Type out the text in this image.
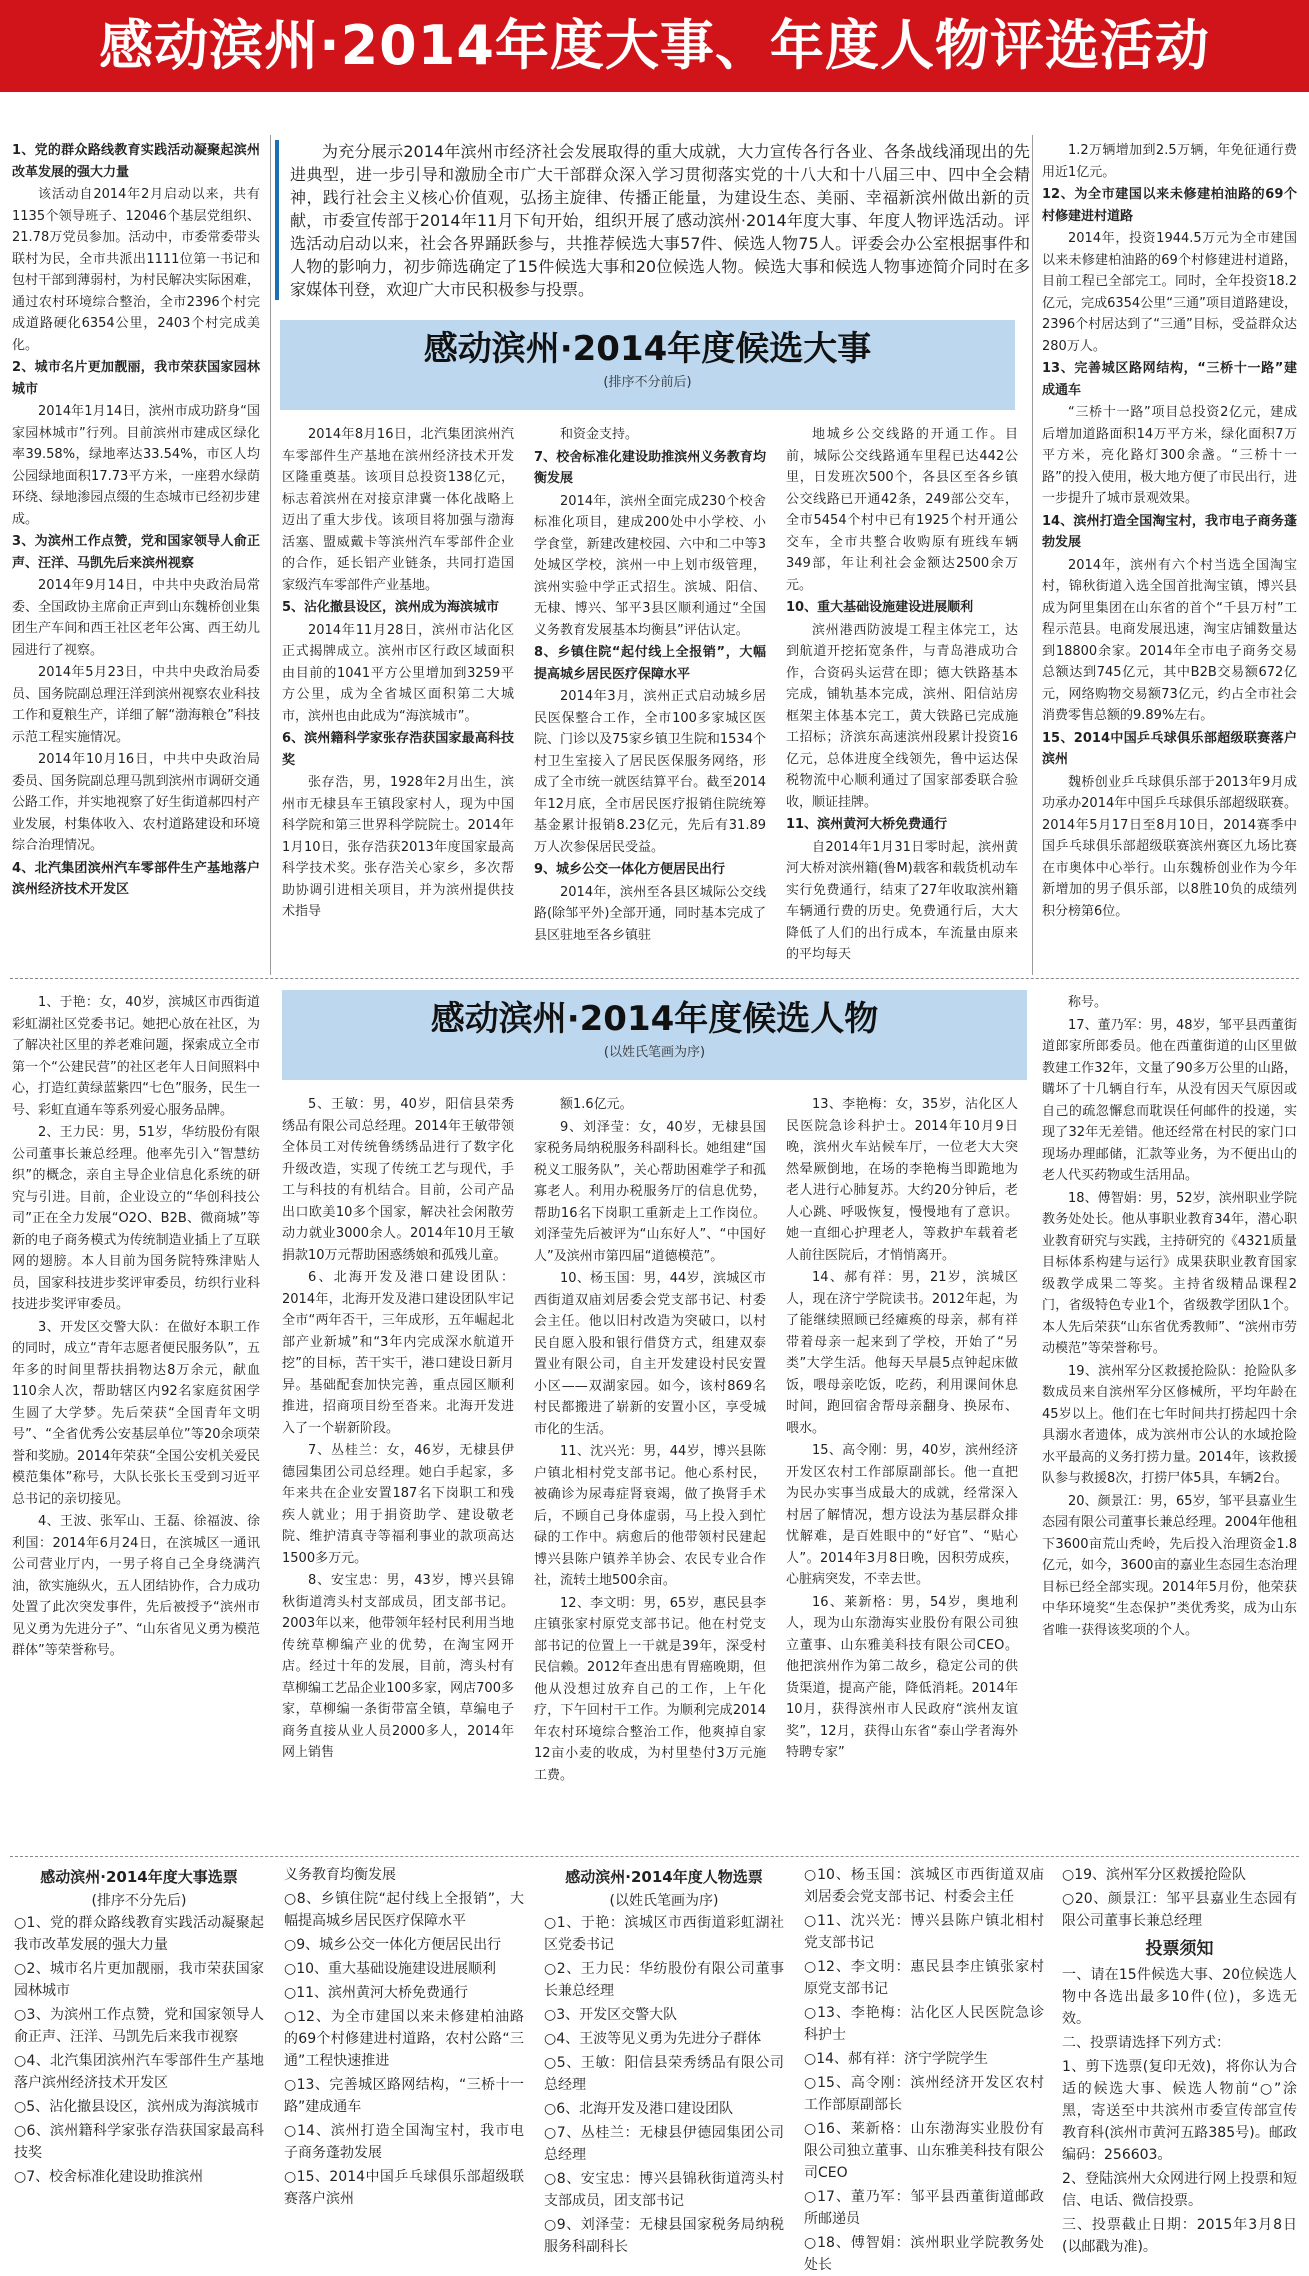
感动滨州·2014年度大事、年度人物评选活动

1、党的群众路线教育实践活动凝聚起滨州改革发展的强大力量

该活动自2014年2月启动以来，共有1135个领导班子、12046个基层党组织、21.78万党员参加。活动中，市委常委带头联村为民，全市共派出1111位第一书记和包村干部到薄弱村，为村民解决实际困难，通过农村环境综合整治，全市2396个村完成道路硬化6354公里，2403个村完成美化。

2、城市名片更加靓丽，我市荣获国家园林城市

2014年1月14日，滨州市成功跻身“国家园林城市”行列。目前滨州市建成区绿化率39.58%，绿地率达33.54%，市区人均公园绿地面积17.73平方米，一座碧水绿荫环绕、绿地渗园点缀的生态城市已经初步建成。

3、为滨州工作点赞，党和国家领导人俞正声、汪洋、马凯先后来滨州视察

2014年9月14日，中共中央政治局常委、全国政协主席俞正声到山东魏桥创业集团生产车间和西王社区老年公寓、西王幼儿园进行了视察。

2014年5月23日，中共中央政治局委员、国务院副总理汪洋到滨州视察农业科技工作和夏粮生产，详细了解“渤海粮仓”科技示范工程实施情况。

2014年10月16日，中共中央政治局委员、国务院副总理马凯到滨州市调研交通公路工作，并实地视察了好生街道郝四村产业发展，村集体收入、农村道路建设和环境综合治理情况。

4、北汽集团滨州汽车零部件生产基地落户滨州经济技术开发区

为充分展示2014年滨州市经济社会发展取得的重大成就，大力宣传各行各业、各条战线涌现出的先进典型，进一步引导和激励全市广大干部群众深入学习贯彻落实党的十八大和十八届三中、四中全会精神，践行社会主义核心价值观，弘扬主旋律、传播正能量，为建设生态、美丽、幸福新滨州做出新的贡献，市委宣传部于2014年11月下旬开始，组织开展了感动滨州·2014年度大事、年度人物评选活动。评选活动启动以来，社会各界踊跃参与，共推荐候选大事57件、候选人物75人。评委会办公室根据事件和人物的影响力，初步筛选确定了15件候选大事和20位候选人物。候选大事和候选人物事迹简介同时在多家媒体刊登，欢迎广大市民积极参与投票。

感动滨州·2014年度候选大事
(排序不分前后)

2014年8月16日，北汽集团滨州汽车零部件生产基地在滨州经济技术开发区隆重奠基。该项目总投资138亿元，标志着滨州在对接京津冀一体化战略上迈出了重大步伐。该项目将加强与渤海活塞、盟威戴卡等滨州汽车零部件企业的合作，延长铝产业链条，共同打造国家级汽车零部件产业基地。

5、沾化撤县设区，滨州成为海滨城市

2014年11月28日，滨州市沾化区正式揭牌成立。滨州市区行政区域面积由目前的1041平方公里增加到3259平方公里，成为全省城区面积第二大城市，滨州也由此成为“海滨城市”。

6、滨州籍科学家张存浩获国家最高科技奖

张存浩，男，1928年2月出生，滨州市无棣县车王镇段家村人，现为中国科学院和第三世界科学院院士。2014年1月10日，张存浩获2013年度国家最高科学技术奖。张存浩关心家乡，多次帮助协调引进相关项目，并为滨州提供技术指导

和资金支持。

7、校舍标准化建设助推滨州义务教育均衡发展

2014年，滨州全面完成230个校舍标准化项目，建成200处中小学校、小学食堂，新建改建校园、六中和二中等3处城区学校，滨州一中上划市级管理，滨州实验中学正式招生。滨城、阳信、无棣、博兴、邹平3县区顺利通过“全国义务教育发展基本均衡县”评估认定。

8、乡镇住院“起付线上全报销”，大幅提高城乡居民医疗保障水平

2014年3月，滨州正式启动城乡居民医保整合工作，全市100多家城区医院、门诊以及75家乡镇卫生院和1534个村卫生室接入了居民医保服务网络，形成了全市统一就医结算平台。截至2014年12月底，全市居民医疗报销住院统筹基金累计报销8.23亿元，先后有31.89万人次参保居民受益。

9、城乡公交一体化方便居民出行

2014年，滨州至各县区城际公交线路(除邹平外)全部开通，同时基本完成了县区驻地至各乡镇驻

地城乡公交线路的开通工作。目前，城际公交线路通车里程已达442公里，日发班次500个，各县区至各乡镇公交线路已开通42条，249部公交车，全市5454个村中已有1925个村开通公交车，全市共整合收购原有班线车辆349部，年让利社会金额达2500余万元。

10、重大基础设施建设进展顺利

滨州港西防波堤工程主体完工，达到航道开挖拓宽条件，与青岛港成功合作，合资码头运营在即；德大铁路基本完成，铺轨基本完成，滨州、阳信站房框架主体基本完工，黄大铁路已完成施工招标；济滨东高速滨州段累计投资16亿元，总体进度全线领先，鲁中运达保税物流中心顺利通过了国家部委联合验收，顺证挂牌。

11、滨州黄河大桥免费通行

自2014年1月31日零时起，滨州黄河大桥对滨州籍(鲁M)载客和载货机动车实行免费通行，结束了27年收取滨州籍车辆通行费的历史。免费通行后，大大降低了人们的出行成本，车流量由原来的平均每天

1.2万辆增加到2.5万辆，年免征通行费用近1亿元。

12、为全市建国以来未修建柏油路的69个村修建进村道路

2014年，投资1944.5万元为全市建国以来未修建柏油路的69个村修建进村道路，目前工程已全部完工。同时，全年投资18.2亿元，完成6354公里“三通”项目道路建设，2396个村居达到了“三通”目标，受益群众达280万人。

13、完善城区路网结构，“三桥十一路”建成通车

“三桥十一路”项目总投资2亿元，建成后增加道路面积14万平方米，绿化面积7万平方米，亮化路灯300余盏。“三桥十一路”的投入使用，极大地方便了市民出行，进一步提升了城市景观效果。

14、滨州打造全国淘宝村，我市电子商务蓬勃发展

2014年，滨州有六个村当选全国淘宝村，锦秋街道入选全国首批淘宝镇，博兴县成为阿里集团在山东省的首个“千县万村”工程示范县。电商发展迅速，淘宝店铺数量达到18800余家。2014年全市电子商务交易总额达到745亿元，其中B2B交易额672亿元，网络购物交易额73亿元，约占全市社会消费零售总额的9.89%左右。

15、2014中国乒乓球俱乐部超级联赛落户滨州

魏桥创业乒乓球俱乐部于2013年9月成功承办2014年中国乒乓球俱乐部超级联赛。2014年5月17日至8月10日，2014赛季中国乒乓球俱乐部超级联赛滨州赛区九场比赛在市奥体中心举行。山东魏桥创业作为今年新增加的男子俱乐部，以8胜10负的成绩列积分榜第6位。

感动滨州·2014年度候选人物
(以姓氏笔画为序)

1、于艳：女，40岁，滨城区市西街道彩虹湖社区党委书记。她把心放在社区，为了解决社区里的养老难问题，探索成立全市第一个“公建民营”的社区老年人日间照料中心，打造红黄绿蓝紫四“七色”服务，民生一号、彩虹直通车等系列爱心服务品牌。

2、王力民：男，51岁，华纺股份有限公司董事长兼总经理。他率先引入“智慧纺织”的概念，亲自主导企业信息化系统的研究与引进。目前，企业设立的“华创科技公司”正在全力发展“O2O、B2B、微商城”等新的电子商务模式为传统制造业插上了互联网的翅膀。本人目前为国务院特殊津贴人员，国家科技进步奖评审委员，纺织行业科技进步奖评审委员。

3、开发区交警大队：在做好本职工作的同时，成立“青年志愿者便民服务队”，五年多的时间里帮扶捐物达8万余元，献血110余人次，帮助辖区内92名家庭贫困学生圆了大学梦。先后荣获“全国青年文明号”、“全省优秀公安基层单位”等20余项荣誉和奖励。2014年荣获“全国公安机关爱民模范集体”称号，大队长张长玉受到习近平总书记的亲切接见。

4、王波、张军山、王磊、徐福波、徐利国：2014年6月24日，在滨城区一通讯公司营业厅内，一男子将自己全身绕满汽油，欲实施纵火，五人团结协作，合力成功处置了此次突发事件，先后被授予“滨州市见义勇为先进分子”、“山东省见义勇为模范群体”等荣誉称号。

5、王敏：男，40岁，阳信县荣秀绣品有限公司总经理。2014年王敏带领全体员工对传统鲁绣绣品进行了数字化升级改造，实现了传统工艺与现代，手工与科技的有机结合。目前，公司产品出口欧美10多个国家，解决社会闲散劳动力就业3000余人。2014年10月王敏捐款10万元帮助困惑绣娘和孤残儿童。

6、北海开发及港口建设团队：2014年，北海开发及港口建设团队牢记全市“两年否干，三年成形，五年崛起北部产业新城”和“3年内完成深水航道开挖”的目标，苦干实干，港口建设日新月异。基础配套加快完善，重点园区顺利推进，招商项目纷至沓来。北海开发进入了一个崭新阶段。

7、丛桂兰：女，46岁，无棣县伊德园集团公司总经理。她白手起家，多年来共在企业安置187名下岗职工和残疾人就业；用于捐资助学、建设敬老院、维护清真寺等福利事业的款项高达1500多万元。

8、安宝忠：男，43岁，博兴县锦秋街道湾头村支部成员，团支部书记。2003年以来，他带领年轻村民利用当地传统草柳编产业的优势，在淘宝网开店。经过十年的发展，目前，湾头村有草柳编工艺品企业100多家，网店700多家，草柳编一条街带富全镇，草编电子商务直接从业人员2000多人，2014年网上销售

额1.6亿元。

9、刘泽莹：女，40岁，无棣县国家税务局纳税服务科副科长。她组建“国税义工服务队”，关心帮助困难学子和孤寡老人。利用办税服务厅的信息优势，帮助16名下岗职工重新走上工作岗位。刘泽莹先后被评为“山东好人”、“中国好人”及滨州市第四届“道德模范”。

10、杨玉国：男，44岁，滨城区市西街道双庙刘居委会党支部书记、村委会主任。他以旧村改造为突破口，以村民自愿入股和银行借贷方式，组建双泰置业有限公司，自主开发建设村民安置小区——双湖家园。如今，该村869名村民都搬进了崭新的安置小区，享受城市化的生活。

11、沈兴光：男，44岁，博兴县陈户镇北相村党支部书记。他心系村民，被确诊为尿毒症肾衰竭，做了换肾手术后，不顾自己身体虚弱，马上投入到忙碌的工作中。病愈后的他带领村民建起博兴县陈户镇养羊协会、农民专业合作社，流转土地500余亩。

12、李文明：男，65岁，惠民县李庄镇张家村原党支部书记。他在村党支部书记的位置上一干就是39年，深受村民信赖。2012年查出患有胃癌晚期，但他从没想过放弃自己的工作，上午化疗，下午回村干工作。为顺利完成2014年农村环境综合整治工作，他爽掉自家12亩小麦的收成，为村里垫付3万元施工费。

13、李艳梅：女，35岁，沾化区人民医院急诊科护士。2014年10月9日晚，滨州火车站候车厅，一位老大大突然晕厥倒地，在场的李艳梅当即跪地为老人进行心肺复苏。大约20分钟后，老人心跳、呼吸恢复，慢慢地有了意识。她一直细心护理老人，等救护车载着老人前往医院后，才悄悄离开。

14、郝有祥：男，21岁，滨城区人，现在济宁学院读书。2012年起，为了能继续照顾已经瘫痪的母亲，郝有祥带着母亲一起来到了学校，开始了“另类”大学生活。他每天早晨5点钟起床做饭，喂母亲吃饭，吃药，利用课间休息时间，跑回宿舍帮母亲翻身、换尿布、喂水。

15、高令刚：男，40岁，滨州经济开发区农村工作部原副部长。他一直把为民办实事当成最大的成就，经常深入村居了解情况，想方设法为基层群众排忧解难，是百姓眼中的“好官”、“贴心人”。2014年3月8日晚，因积劳成疾，心脏病突发，不幸去世。

16、莱新格：男，54岁，奥地利人，现为山东渤海实业股份有限公司独立董事、山东雅美科技有限公司CEO。他把滨州作为第二故乡，稳定公司的供货渠道，提高产能，降低消耗。2014年10月，获得滨州市人民政府“滨州友谊奖”，12月，获得山东省“泰山学者海外特聘专家”

称号。

17、董乃军：男，48岁，邹平县西董街道郎家所郎委员。他在西董街道的山区里做教建工作32年，文量了90多万公里的山路，購坏了十几辆自行车，从没有因天气原因或自己的疏忽懈怠而耽误任何邮件的投递，实现了32年无差错。他还经常在村民的家门口现场办理邮储，汇款等业务，为不便出山的老人代买药物或生活用品。

18、傅智娟：男，52岁，滨州职业学院教务处处长。他从事职业教育34年，潜心职业教育研究与实践，主持研究的《4321质量目标体系构建与运行》成果获职业教育国家级教学成果二等奖。主持省级精品课程2门，省级特色专业1个，省级教学团队1个。本人先后荣获“山东省优秀教师”、“滨州市劳动模范”等荣誉称号。

19、滨州军分区救援抢险队：抢险队多数成员来自滨州军分区修械所，平均年龄在45岁以上。他们在七年时间共打捞起四十余具溺水者遗体，成为滨州市公认的水域抢险水平最高的义务打捞力量。2014年，该救援队参与救援8次，打捞尸体5具，车辆2台。

20、颜景江：男，65岁，邹平县嘉业生态园有限公司董事长兼总经理。2004年他租下3600亩荒山秃岭，先后投入治理资金1.8亿元，如今，3600亩的嘉业生态园生态治理目标已经全部实现。2014年5月份，他荣获中华环境奖“生态保护”类优秀奖，成为山东省唯一获得该奖项的个人。

感动滨州·2014年度大事选票
(排序不分先后)

○1、党的群众路线教育实践活动凝聚起我市改革发展的强大力量

○2、城市名片更加靓丽，我市荣获国家园林城市

○3、为滨州工作点赞，党和国家领导人俞正声、汪洋、马凯先后来我市视察

○4、北汽集团滨州汽车零部件生产基地落户滨州经济技术开发区

○5、沾化撤县设区，滨州成为海滨城市

○6、滨州籍科学家张存浩获国家最高科技奖

○7、校舍标准化建设助推滨州

义务教育均衡发展

○8、乡镇住院“起付线上全报销”，大幅提高城乡居民医疗保障水平

○9、城乡公交一体化方便居民出行

○10、重大基础设施建设进展顺利

○11、滨州黄河大桥免费通行

○12、为全市建国以来未修建柏油路的69个村修建进村道路，农村公路“三通”工程快速推进

○13、完善城区路网结构，“三桥十一路”建成通车

○14、滨州打造全国淘宝村，我市电子商务蓬勃发展

○15、2014中国乒乓球俱乐部超级联赛落户滨州

感动滨州·2014年度人物选票
(以姓氏笔画为序)

○1、于艳：滨城区市西街道彩虹湖社区党委书记

○2、王力民：华纺股份有限公司董事长兼总经理

○3、开发区交警大队

○4、王波等见义勇为先进分子群体

○5、王敏：阳信县荣秀绣品有限公司总经理

○6、北海开发及港口建设团队

○7、丛桂兰：无棣县伊德园集团公司总经理

○8、安宝忠：博兴县锦秋街道湾头村支部成员，团支部书记

○9、刘泽莹：无棣县国家税务局纳税服务科副科长

○10、杨玉国：滨城区市西街道双庙刘居委会党支部书记、村委会主任

○11、沈兴光：博兴县陈户镇北相村党支部书记

○12、李文明：惠民县李庄镇张家村原党支部书记

○13、李艳梅：沾化区人民医院急诊科护士

○14、郝有祥：济宁学院学生

○15、高令刚：滨州经济开发区农村工作部原副部长

○16、莱新格：山东渤海实业股份有限公司独立董事、山东雅美科技有限公司CEO

○17、董乃军：邹平县西董街道邮政所邮递员

○18、傅智娟：滨州职业学院教务处处长

○19、滨州军分区救援抢险队

○20、颜景江：邹平县嘉业生态园有限公司董事长兼总经理

投票须知

一、请在15件候选大事、20位候选人物中各选出最多10件(位)，多选无效。

二、投票请选择下列方式：

1、剪下选票(复印无效)，将你认为合适的候选大事、候选人物前“○”涂黑，寄送至中共滨州市委宣传部宣传教育科(滨州市黄河五路385号)。邮政编码：256603。

2、登陆滨州大众网进行网上投票和短信、电话、微信投票。

三、投票截止日期：2015年3月8日(以邮戳为准)。
